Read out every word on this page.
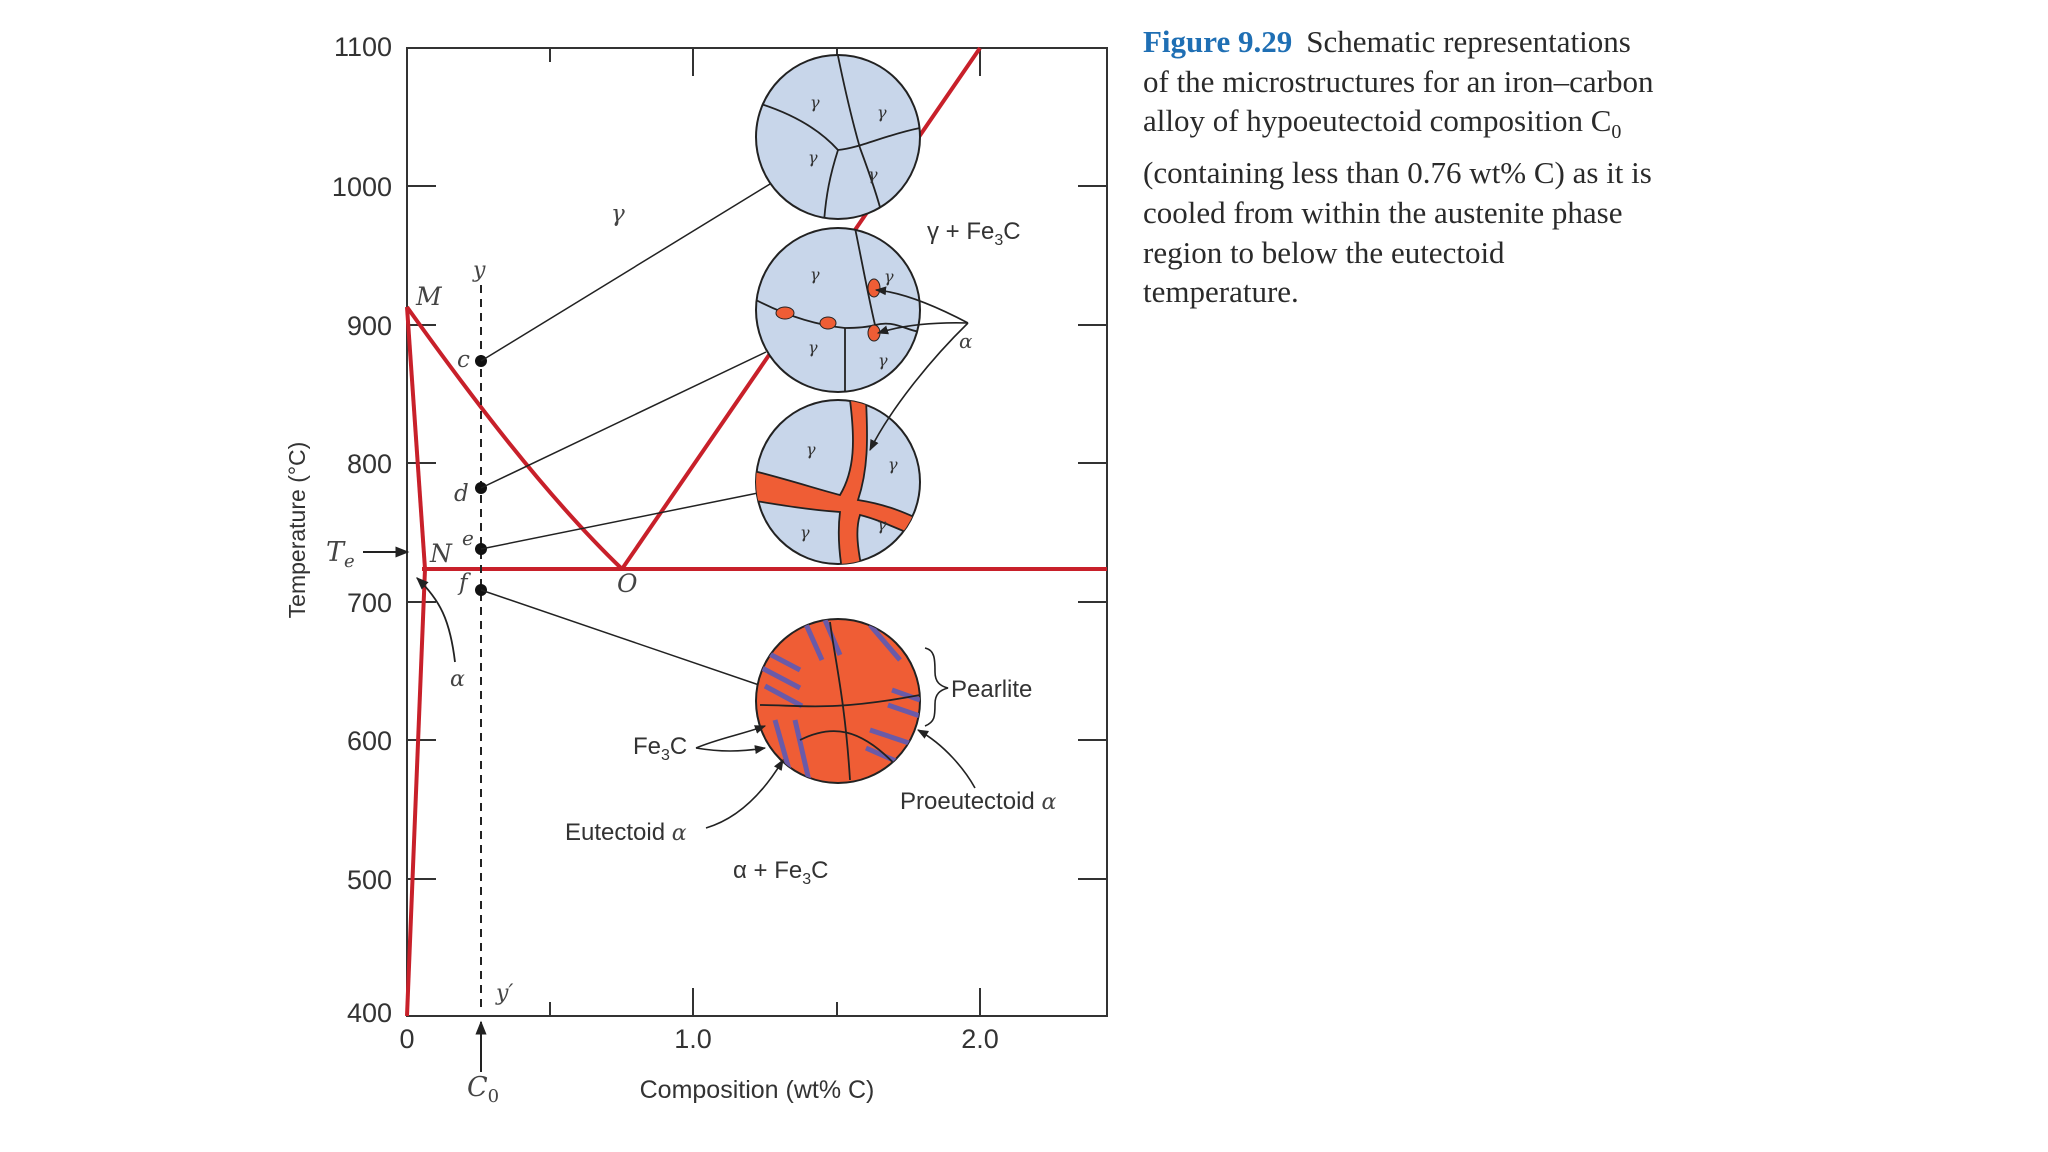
1100
1000
900
800
700
600
500
400
0	1.0	2.0
Temperature (°C)
Composition (wt% C)
M
N
O
c
d
e
f
y
y′
$T_e$
$C_0$
γ
$\gamma + Fe_3C$
$\alpha + Fe_3C$
α
α
γ
γ
γ
γ
γ	γ
γ
γ
γ
γ
γ	γ
Pearlite
$Fe_3C$
Eutectoid α
Proeutectoid α
Figure 9.29 Schematic representations of the microstructures for an iron–carbon alloy of hypoeutectoid composition $C_0$ (containing less than 0.76 wt% C) as it is cooled from within the austenite phase region to below the eutectoid temperature.
